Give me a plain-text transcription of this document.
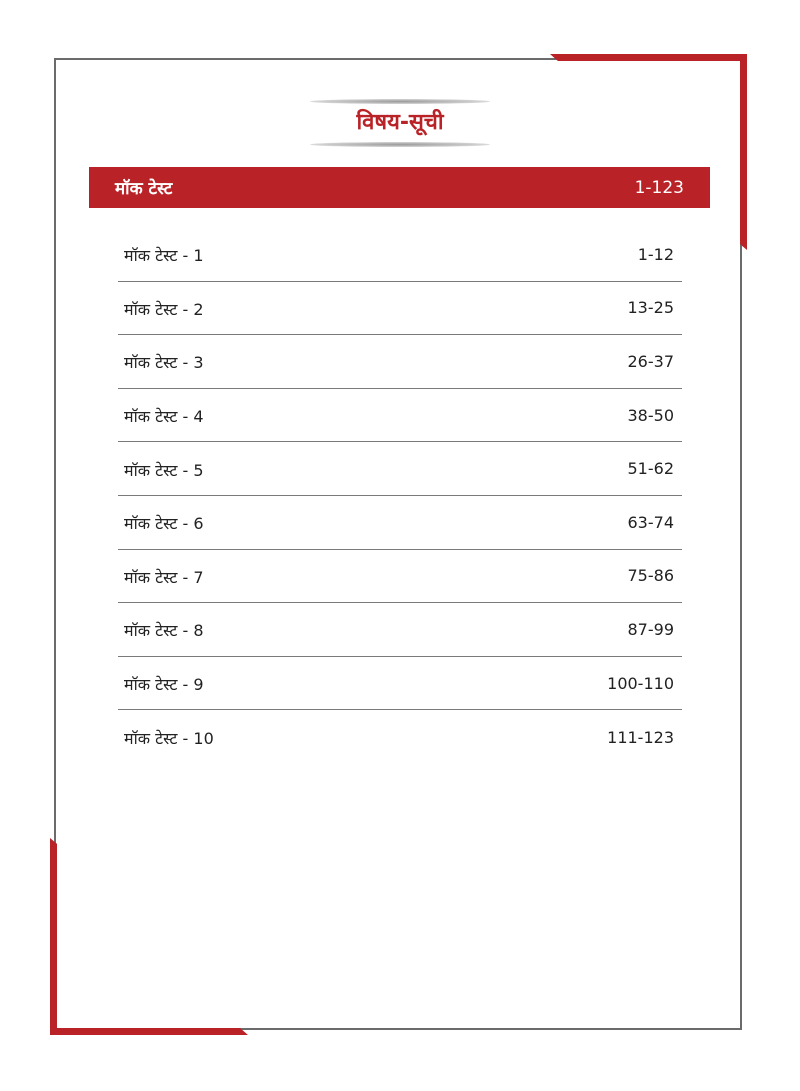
विषय-सूची
मॉक टेस्ट	1-123
मॉक टेस्ट - 1	1-12
मॉक टेस्ट - 2	13-25
मॉक टेस्ट - 3	26-37
मॉक टेस्ट - 4	38-50
मॉक टेस्ट - 5	51-62
मॉक टेस्ट - 6	63-74
मॉक टेस्ट - 7	75-86
मॉक टेस्ट - 8	87-99
मॉक टेस्ट - 9	100-110
मॉक टेस्ट - 10	111-123
